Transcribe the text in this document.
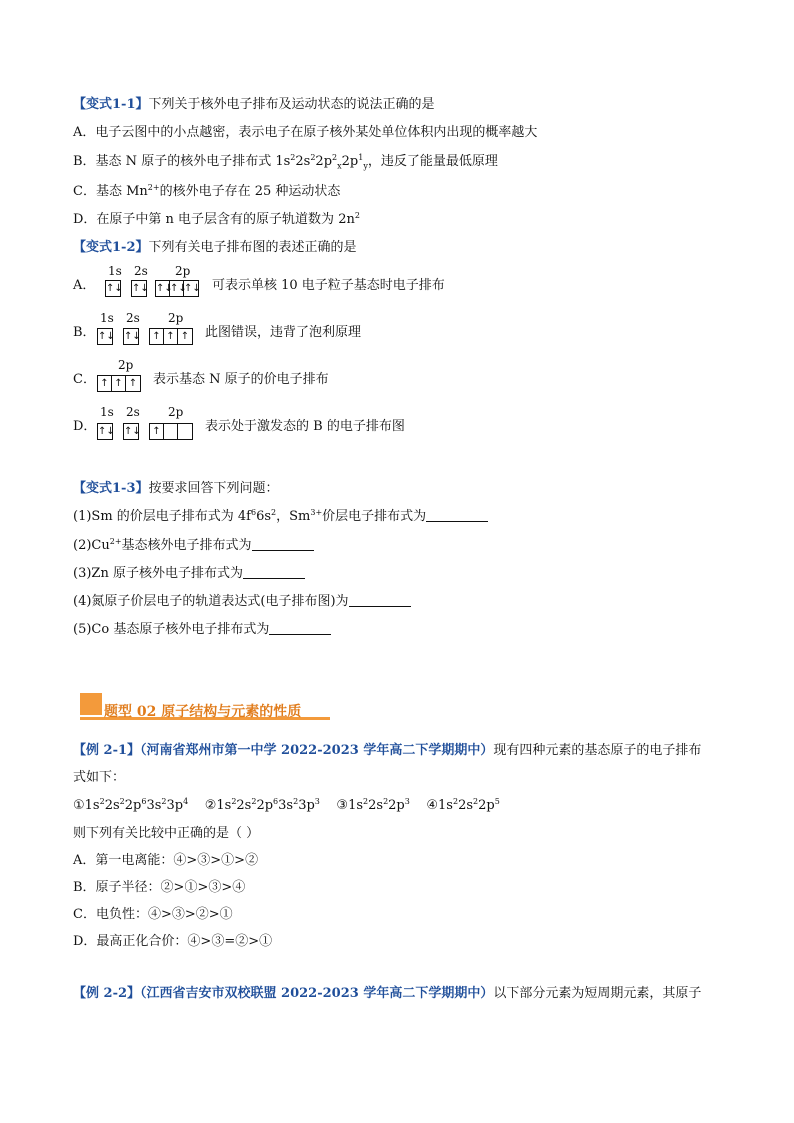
【变式1-1】下列关于核外电子排布及运动状态的说法正确的是
A．电子云图中的小点越密，表示电子在原子核外某处单位体积内出现的概率越大
B．基态 N 原子的核外电子排布式 $1s^22s^22p^2_x2p^1_y$，违反了能量最低原理
C．基态 $Mn^{2+}$的核外电子存在 25 种运动状态
D．在原子中第 n 电子层含有的原子轨道数为 $2n^2$
【变式1-2】下列有关电子排布图的表述正确的是
A．
1s 2s 2p
↑↓ ↑↓ ↑↓
↑↓
↑↓ 可表示单核 10 电子粒子基态时电子排布
B．
1s 2s 2p
↑↓ ↑↓ ↑ ↑ ↑ 此图错误，违背了泡利原理
C．
2p
↑ ↑ ↑ 表示基态 N 原子的价电子排布
D．
1s 2s 2p
↑↓ ↑↓ ↑	表示处于激发态的 B 的电子排布图
【变式1-3】按要求回答下列问题：
(1)Sm 的价层电子排布式为 $4f^66s^2$，$Sm^{3+}$价层电子排布式为
$(2)Cu^{2+}$基态核外电子排布式为
(3)Zn 原子核外电子排布式为
(4)氮原子价层电子的轨道表达式(电子排布图)为
(5)Co 基态原子核外电子排布式为
题型 02 原子结构与元素的性质
【例 2-1】（河南省郑州市第一中学 2022-2023 学年高二下学期期中）现有四种元素的基态原子的电子排布
式如下：
$①1s^22s^22p^63s^23p^4$ $②1s^22s^22p^63s^23p^3$ $③1s^22s^22p^3$ $④1s^22s^22p^5$
则下列有关比较中正确的是（ ）
A．第一电离能：④>③>①>②
B．原子半径：②>①>③>④
C．电负性：④>③>②>①
D．最高正化合价：④>③=②>①
【例 2-2】（江西省吉安市双校联盟 2022-2023 学年高二下学期期中）以下部分元素为短周期元素，其原子
